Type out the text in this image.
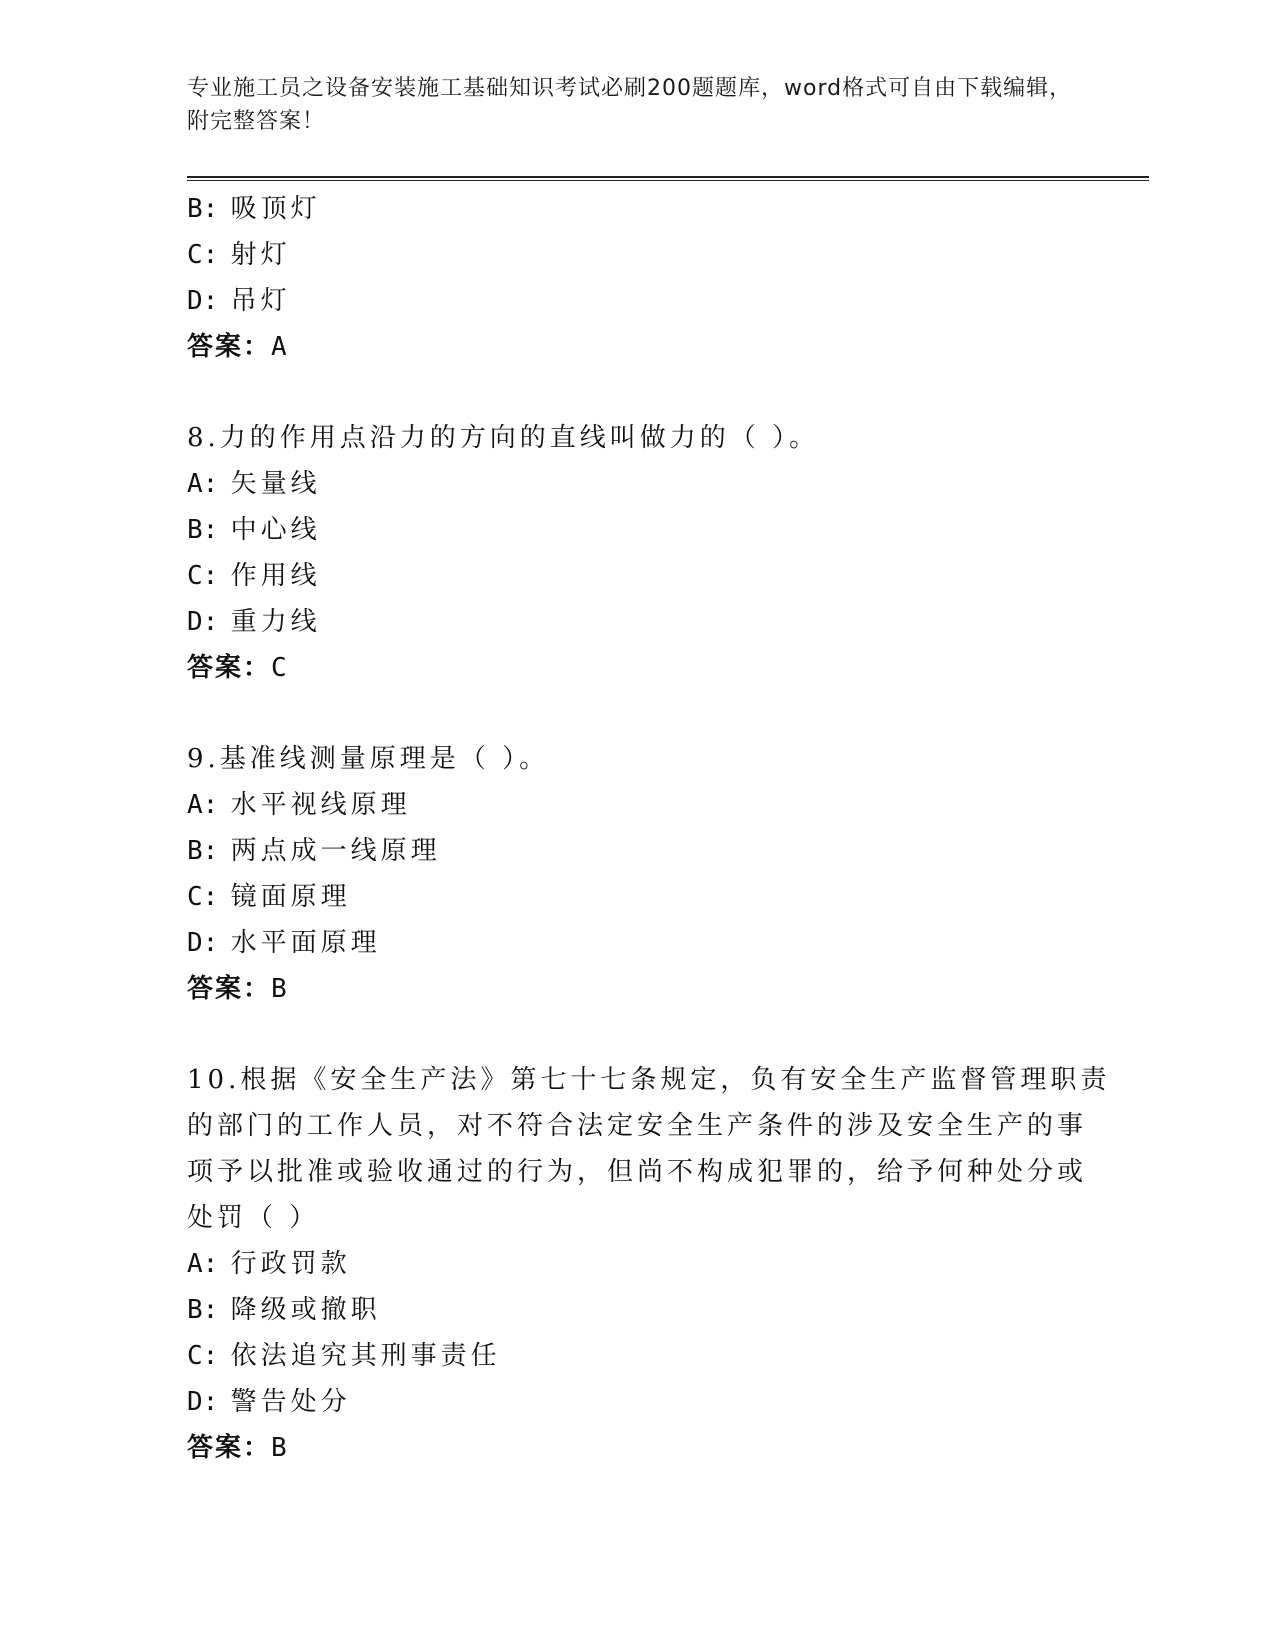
专业施工员之设备安装施工基础知识考试必刷200题题库，word格式可自由下载编辑，附完整答案！

B: 吸顶灯

C: 射灯

D: 吊灯

答案：A

8.力的作用点沿力的方向的直线叫做力的（ ）。

A: 矢量线

B: 中心线

C: 作用线

D: 重力线

答案：C

9.基准线测量原理是（ ）。

A: 水平视线原理

B: 两点成一线原理

C: 镜面原理

D: 水平面原理

答案：B

10.根据《安全生产法》第七十七条规定，负有安全生产监督管理职责

的部门的工作人员，对不符合法定安全生产条件的涉及安全生产的事

项予以批准或验收通过的行为，但尚不构成犯罪的，给予何种处分或

处罚（ ）

A: 行政罚款

B: 降级或撤职

C: 依法追究其刑事责任

D: 警告处分

答案：B
